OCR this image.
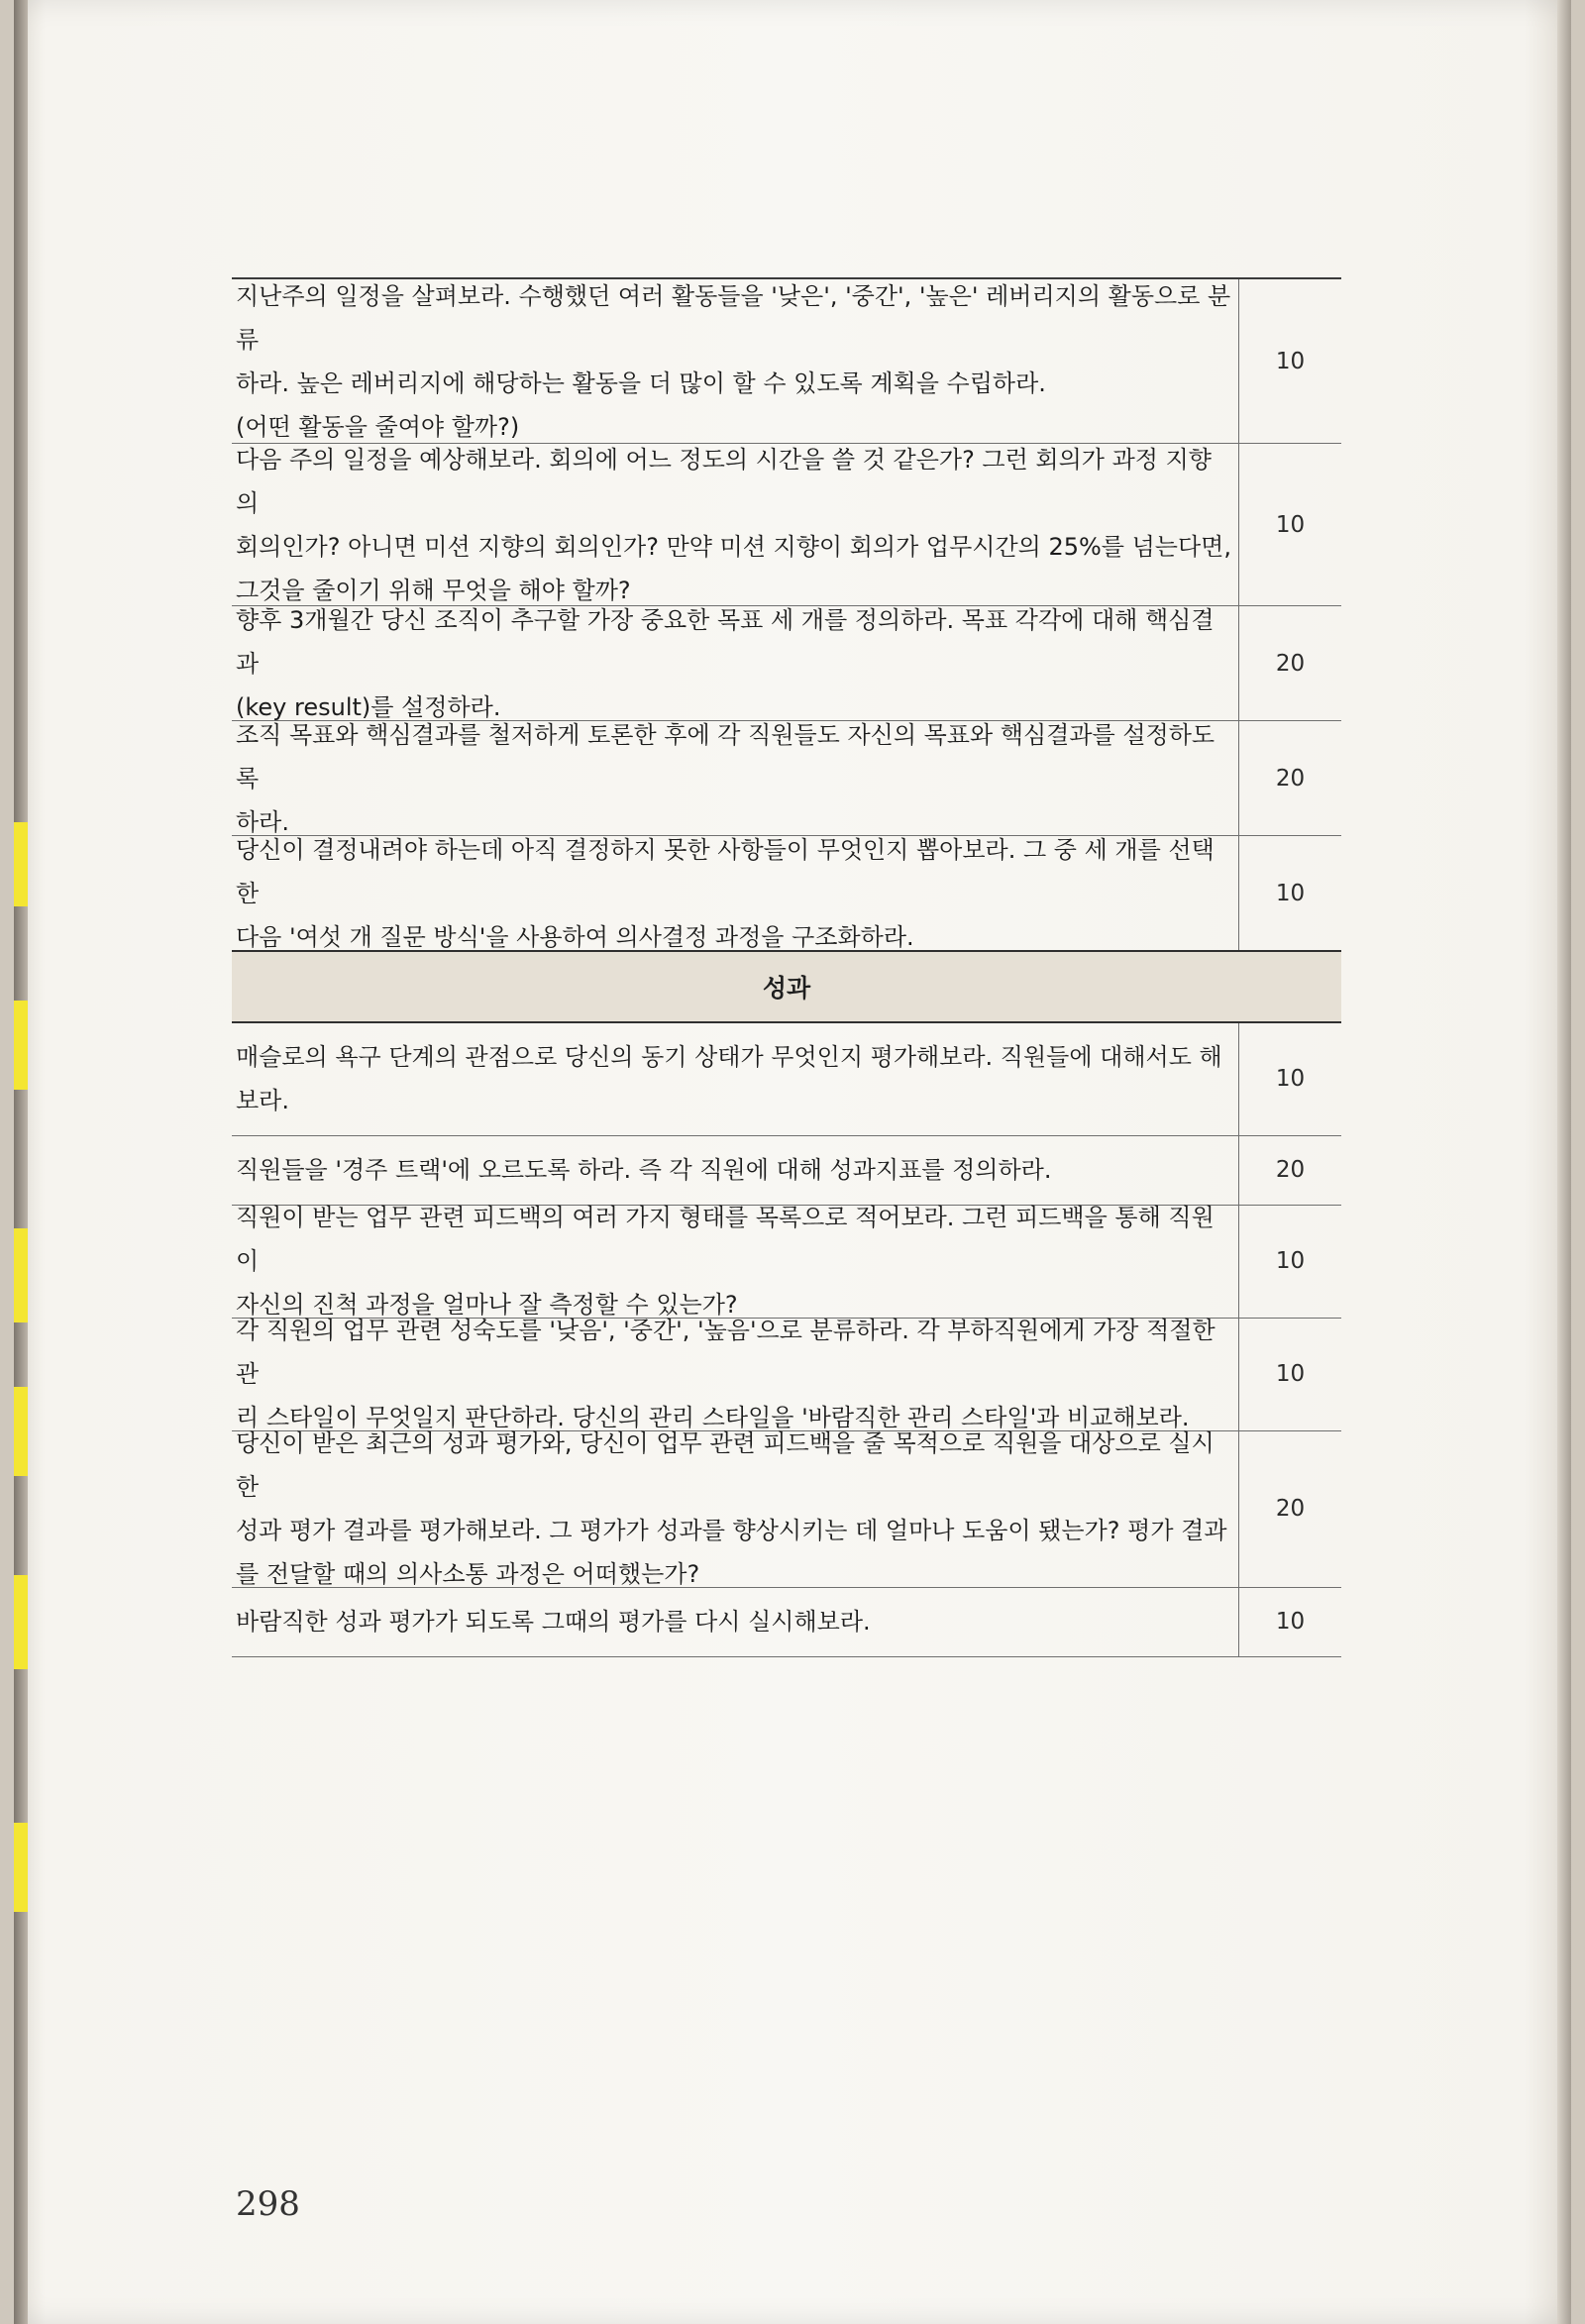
지난주의 일정을 살펴보라. 수행했던 여러 활동들을 '낮은', '중간', '높은' 레버리지의 활동으로 분류
하라. 높은 레버리지에 해당하는 활동을 더 많이 할 수 있도록 계획을 수립하라.
(어떤 활동을 줄여야 할까?)
10
다음 주의 일정을 예상해보라. 회의에 어느 정도의 시간을 쓸 것 같은가? 그런 회의가 과정 지향의
회의인가? 아니면 미션 지향의 회의인가? 만약 미션 지향이 회의가 업무시간의 25%를 넘는다면,
그것을 줄이기 위해 무엇을 해야 할까?
10
향후 3개월간 당신 조직이 추구할 가장 중요한 목표 세 개를 정의하라. 목표 각각에 대해 핵심결과
(key result)를 설정하라.
20
조직 목표와 핵심결과를 철저하게 토론한 후에 각 직원들도 자신의 목표와 핵심결과를 설정하도록
하라.
20
당신이 결정내려야 하는데 아직 결정하지 못한 사항들이 무엇인지 뽑아보라. 그 중 세 개를 선택한
다음 '여섯 개 질문 방식'을 사용하여 의사결정 과정을 구조화하라.
10
성과
매슬로의 욕구 단계의 관점으로 당신의 동기 상태가 무엇인지 평가해보라. 직원들에 대해서도 해
보라.
10
직원들을 '경주 트랙'에 오르도록 하라. 즉 각 직원에 대해 성과지표를 정의하라.	20
직원이 받는 업무 관련 피드백의 여러 가지 형태를 목록으로 적어보라. 그런 피드백을 통해 직원이
자신의 진척 과정을 얼마나 잘 측정할 수 있는가?
10
각 직원의 업무 관련 성숙도를 '낮음', '중간', '높음'으로 분류하라. 각 부하직원에게 가장 적절한 관
리 스타일이 무엇일지 판단하라. 당신의 관리 스타일을 '바람직한 관리 스타일'과 비교해보라.
10
당신이 받은 최근의 성과 평가와, 당신이 업무 관련 피드백을 줄 목적으로 직원을 대상으로 실시한
성과 평가 결과를 평가해보라. 그 평가가 성과를 향상시키는 데 얼마나 도움이 됐는가? 평가 결과
를 전달할 때의 의사소통 과정은 어떠했는가?
20
바람직한 성과 평가가 되도록 그때의 평가를 다시 실시해보라.	10
298
